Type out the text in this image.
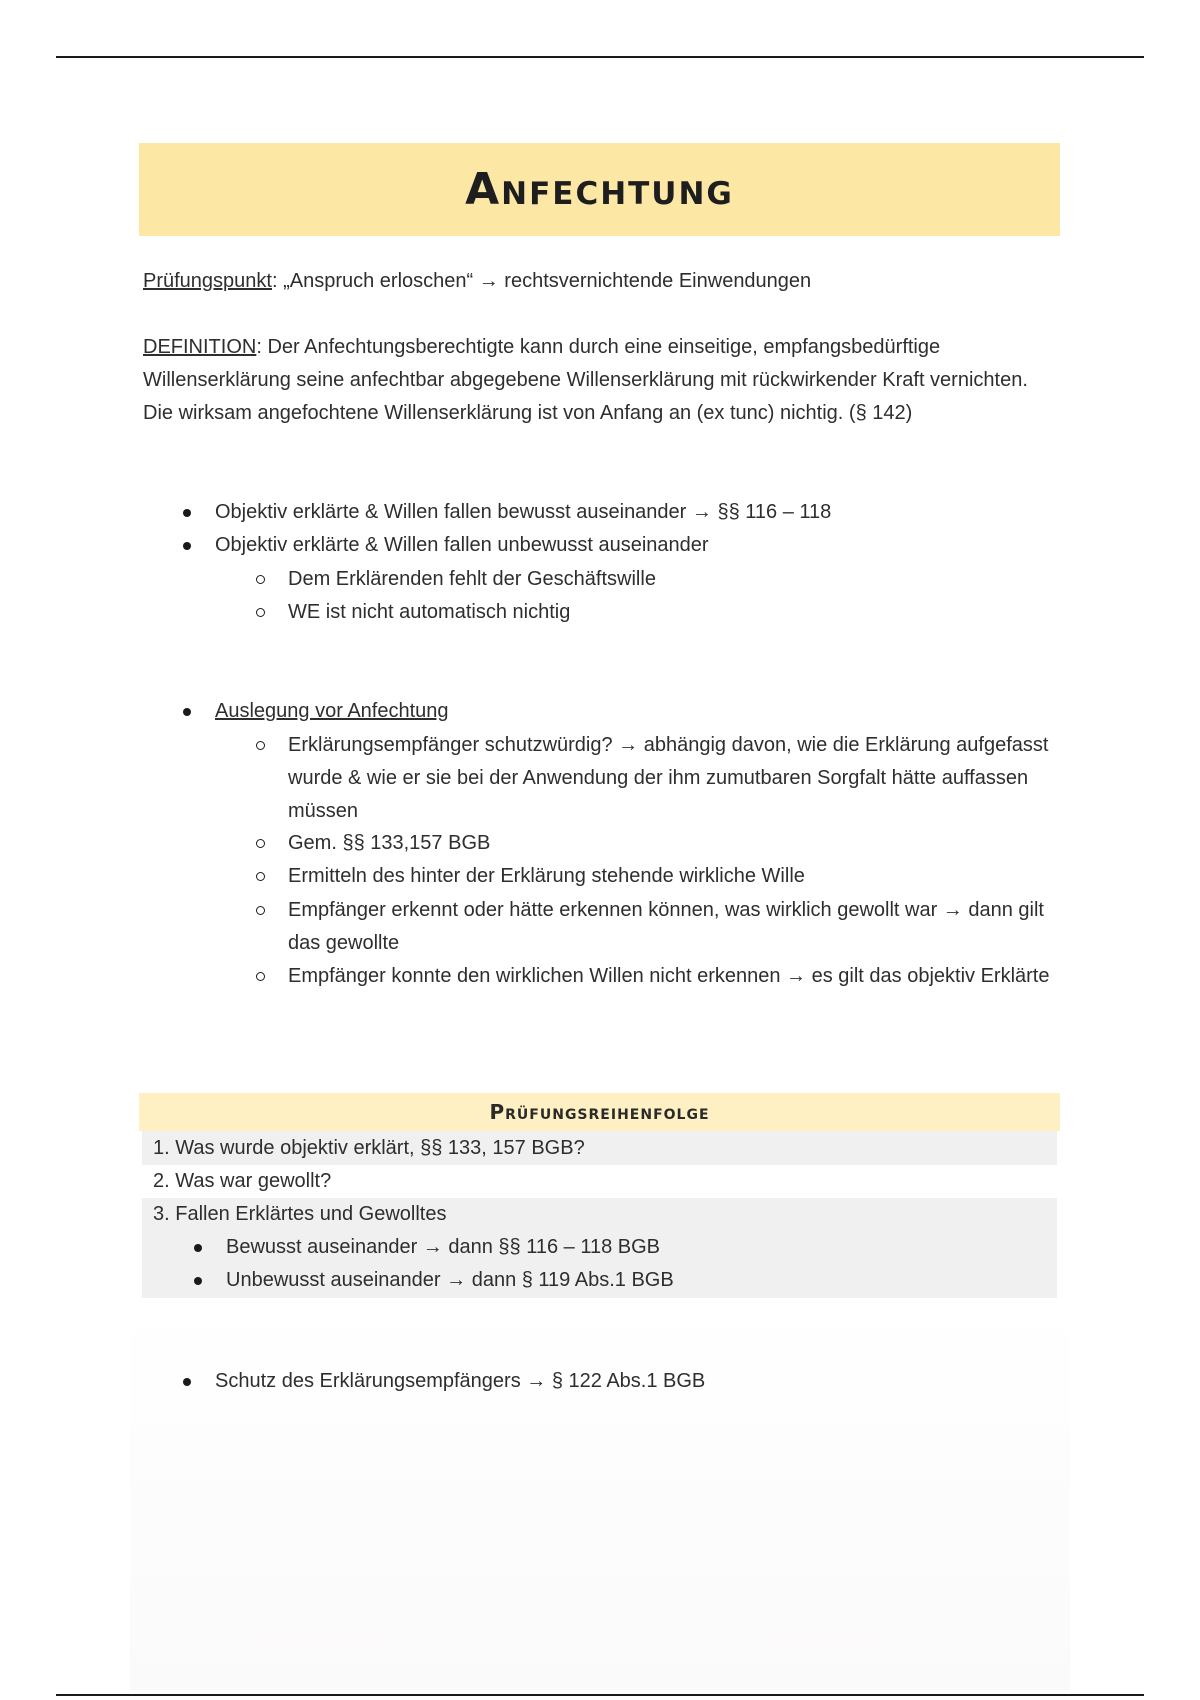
Anfechtung
Prüfungspunkt: „Anspruch erloschen“ → rechtsvernichtende Einwendungen
DEFINITION: Der Anfechtungsberechtigte kann durch eine einseitige, empfangsbedürftige Willenserklärung seine anfechtbar abgegebene Willenserklärung mit rückwirkender Kraft vernichten. Die wirksam angefochtene Willenserklärung ist von Anfang an (ex tunc) nichtig. (§ 142)
Objektiv erklärte & Willen fallen bewusst auseinander → §§ 116 – 118
Objektiv erklärte & Willen fallen unbewusst auseinander
Dem Erklärenden fehlt der Geschäftswille
WE ist nicht automatisch nichtig
Auslegung vor Anfechtung
Erklärungsempfänger schutzwürdig? → abhängig davon, wie die Erklärung aufgefasst wurde & wie er sie bei der Anwendung der ihm zumutbaren Sorgfalt hätte auffassen müssen
Gem. §§ 133,157 BGB
Ermitteln des hinter der Erklärung stehende wirkliche Wille
Empfänger erkennt oder hätte erkennen können, was wirklich gewollt war → dann gilt das gewollte
Empfänger konnte den wirklichen Willen nicht erkennen → es gilt das objektiv Erklärte
Prüfungsreihenfolge
1. Was wurde objektiv erklärt, §§ 133, 157 BGB?
2. Was war gewollt?
3. Fallen Erklärtes und Gewolltes
Bewusst auseinander → dann §§ 116 – 118 BGB
Unbewusst auseinander → dann § 119 Abs.1 BGB
Schutz des Erklärungsempfängers → § 122 Abs.1 BGB
